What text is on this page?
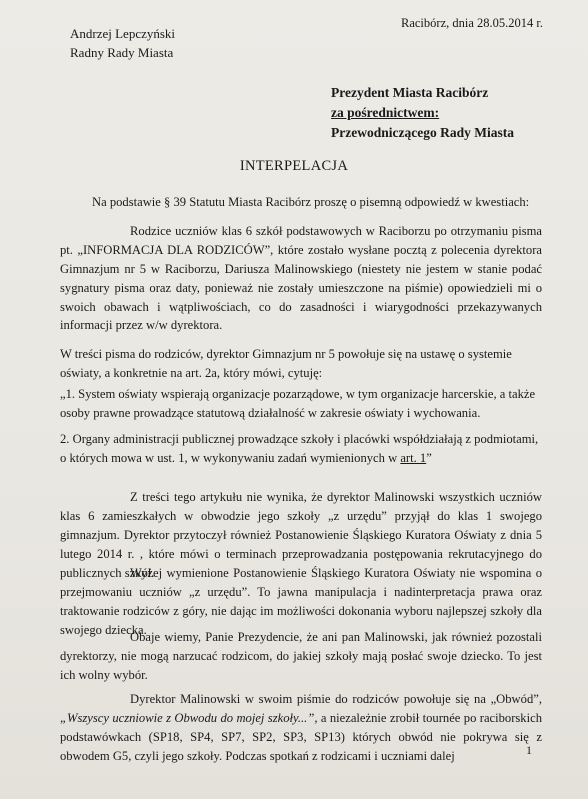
Andrzej Lepczyński
Radny Rady Miasta
Racibórz, dnia 28.05.2014 r.
Prezydent Miasta Racibórz
za pośrednictwem:
Przewodniczącego Rady Miasta
INTERPELACJA
Na podstawie § 39 Statutu Miasta Racibórz proszę o pisemną odpowiedź w kwestiach:
Rodzice uczniów klas 6 szkół podstawowych w Raciborzu po otrzymaniu pisma pt. „INFORMACJA DLA RODZICÓW”, które zostało wysłane pocztą z polecenia dyrektora Gimnazjum nr 5 w Raciborzu, Dariusza Malinowskiego (niestety nie jestem w stanie podać sygnatury pisma oraz daty, ponieważ nie zostały umieszczone na piśmie) opowiedzieli mi o swoich obawach i wątpliwościach, co do zasadności i wiarygodności przekazywanych informacji przez w/w dyrektora.
W treści pisma do rodziców, dyrektor Gimnazjum nr 5 powołuje się na ustawę o systemie oświaty, a konkretnie na art. 2a, który mówi, cytuję:
„1. System oświaty wspierają organizacje pozarządowe, w tym organizacje harcerskie, a także osoby prawne prowadzące statutową działalność w zakresie oświaty i wychowania.
2. Organy administracji publicznej prowadzące szkoły i placówki współdziałają z podmiotami, o których mowa w ust. 1, w wykonywaniu zadań wymienionych w art. 1”
Z treści tego artykułu nie wynika, że dyrektor Malinowski wszystkich uczniów klas 6 zamieszkałych w obwodzie jego szkoły „z urzędu” przyjął do klas 1 swojego gimnazjum. Dyrektor przytoczył również Postanowienie Śląskiego Kuratora Oświaty z dnia 5 lutego 2014 r. , które mówi o terminach przeprowadzania postępowania rekrutacyjnego do publicznych szkół.
Wyżej wymienione Postanowienie Śląskiego Kuratora Oświaty nie wspomina o przejmowaniu uczniów „z urzędu”. To jawna manipulacja i nadinterpretacja prawa oraz traktowanie rodziców z góry, nie dając im możliwości dokonania wyboru najlepszej szkoły dla swojego dziecka.
Obaje wiemy, Panie Prezydencie, że ani pan Malinowski, jak również pozostali dyrektorzy, nie mogą narzucać rodzicom, do jakiej szkoły mają posłać swoje dziecko. To jest ich wolny wybór.
Dyrektor Malinowski w swoim piśmie do rodziców powołuje się na „Obwód”, „Wszyscy uczniowie z Obwodu do mojej szkoły...”, a niezależnie zrobił tournée po raciborskich podstawówkach (SP18, SP4, SP7, SP2, SP3, SP13) których obwód nie pokrywa się z obwodem G5, czyli jego szkoły. Podczas spotkań z rodzicami i uczniami dalej	1
